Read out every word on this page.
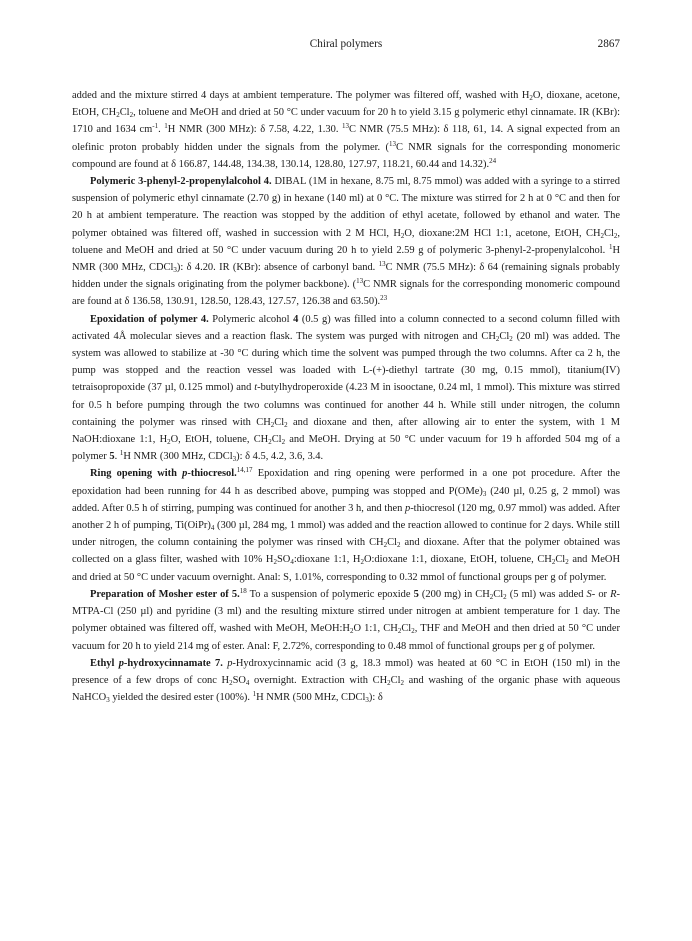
Chiral polymers	2867

added and the mixture stirred 4 days at ambient temperature. The polymer was filtered off, washed with $H_2O$, dioxane, acetone, EtOH, $CH_2Cl_2$, toluene and MeOH and dried at 50 °C under vacuum for 20 h to yield 3.15 g polymeric ethyl cinnamate. IR (KBr): 1710 and 1634 $cm^{-1}$. $^1$H NMR (300 MHz): δ 7.58, 4.22, 1.30. $^{13}$C NMR (75.5 MHz): δ 118, 61, 14. A signal expected from an olefinic proton probably hidden under the signals from the polymer. ($^{13}$C NMR signals for the corresponding monomeric compound are found at δ 166.87, 144.48, 134.38, 130.14, 128.80, 127.97, 118.21, 60.44 and 14.32).$^{24}$

Polymeric 3-phenyl-2-propenylalcohol 4. DIBAL (1M in hexane, 8.75 ml, 8.75 mmol) was added with a syringe to a stirred suspension of polymeric ethyl cinnamate (2.70 g) in hexane (140 ml) at 0 °C. The mixture was stirred for 2 h at 0 °C and then for 20 h at ambient temperature. The reaction was stopped by the addition of ethyl acetate, followed by ethanol and water. The polymer obtained was filtered off, washed in succession with 2 M HCl, $H_2O$, dioxane:2M HCl 1:1, acetone, EtOH, $CH_2Cl_2$, toluene and MeOH and dried at 50 °C under vacuum during 20 h to yield 2.59 g of polymeric 3-phenyl-2-propenylalcohol. $^1$H NMR (300 MHz, CDCl$_3$): δ 4.20. IR (KBr): absence of carbonyl band. $^{13}$C NMR (75.5 MHz): δ 64 (remaining signals probably hidden under the signals originating from the polymer backbone). ($^{13}$C NMR signals for the corresponding monomeric compound are found at δ 136.58, 130.91, 128.50, 128.43, 127.57, 126.38 and 63.50).$^{23}$

Epoxidation of polymer 4. Polymeric alcohol 4 (0.5 g) was filled into a column connected to a second column filled with activated 4Å molecular sieves and a reaction flask. The system was purged with nitrogen and $CH_2Cl_2$ (20 ml) was added. The system was allowed to stabilize at -30 °C during which time the solvent was pumped through the two columns. After ca 2 h, the pump was stopped and the reaction vessel was loaded with L-(+)-diethyl tartrate (30 mg, 0.15 mmol), titanium(IV) tetraisopropoxide (37 µl, 0.125 mmol) and t-butylhydroperoxide (4.23 M in isooctane, 0.24 ml, 1 mmol). This mixture was stirred for 0.5 h before pumping through the two columns was continued for another 44 h. While still under nitrogen, the column containing the polymer was rinsed with $CH_2Cl_2$ and dioxane and then, after allowing air to enter the system, with 1 M NaOH:dioxane 1:1, $H_2O$, EtOH, toluene, $CH_2Cl_2$ and MeOH. Drying at 50 °C under vacuum for 19 h afforded 504 mg of a polymer 5. $^1$H NMR (300 MHz, CDCl$_3$): δ 4.5, 4.2, 3.6, 3.4.

Ring opening with p-thiocresol.$^{14,17}$ Epoxidation and ring opening were performed in a one pot procedure. After the epoxidation had been running for 44 h as described above, pumping was stopped and $P(OMe)_3$ (240 µl, 0.25 g, 2 mmol) was added. After 0.5 h of stirring, pumping was continued for another 3 h, and then p-thiocresol (120 mg, 0.97 mmol) was added. After another 2 h of pumping, $Ti(OiPr)_4$ (300 µl, 284 mg, 1 mmol) was added and the reaction allowed to continue for 2 days. While still under nitrogen, the column containing the polymer was rinsed with $CH_2Cl_2$ and dioxane. After that the polymer obtained was collected on a glass filter, washed with 10% $H_2SO_4:dioxane$ 1:1, $H_2O:dioxane$ 1:1, dioxane, EtOH, toluene, $CH_2Cl_2$ and MeOH and dried at 50 °C under vacuum overnight. Anal: S, 1.01%, corresponding to 0.32 mmol of functional groups per g of polymer.

Preparation of Mosher ester of 5.18 To a suspension of polymeric epoxide 5 (200 mg) in $CH_2Cl_2$ (5 ml) was added S- or R-MTPA-Cl (250 µl) and pyridine (3 ml) and the resulting mixture stirred under nitrogen at ambient temperature for 1 day. The polymer obtained was filtered off, washed with MeOH, $MeOH:H_2O$ 1:1, $CH_2Cl_2$, THF and MeOH and then dried at 50 °C under vacuum for 20 h to yield 214 mg of ester. Anal: F, 2.72%, corresponding to 0.48 mmol of functional groups per g of polymer.

Ethyl p-hydroxycinnamate 7. p-Hydroxycinnamic acid (3 g, 18.3 mmol) was heated at 60 °C in EtOH (150 ml) in the presence of a few drops of conc $H_2SO_4$ overnight. Extraction with $CH_2Cl_2$ and washing of the organic phase with aqueous NaHCO$_3$ yielded the desired ester (100%). $^1$H NMR (500 MHz, CDCl$_3$): δ
